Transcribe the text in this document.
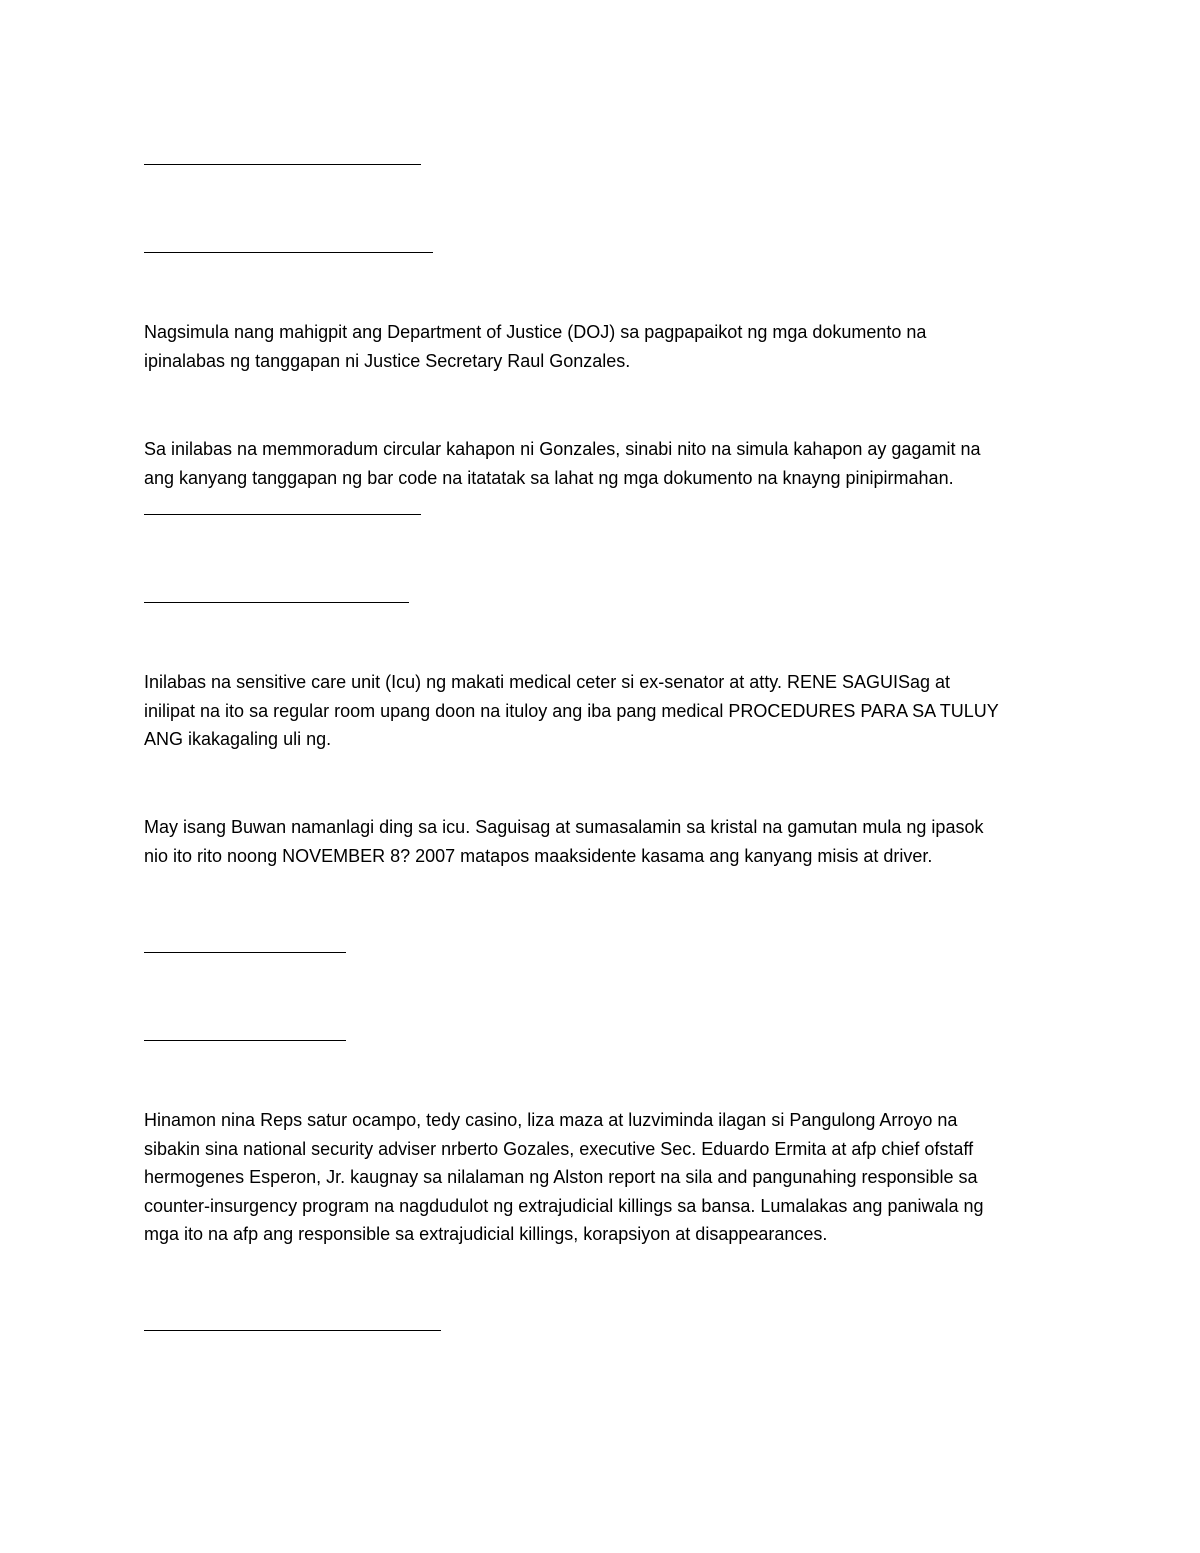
Nagsimula nang mahigpit ang Department of Justice (DOJ) sa pagpapaikot ng mga dokumento na
ipinalabas ng tanggapan ni Justice Secretary Raul Gonzales.
Sa inilabas na memmoradum circular kahapon ni Gonzales, sinabi nito na simula kahapon ay gagamit na
ang kanyang tanggapan ng bar code na itatatak sa lahat ng mga dokumento na knayng pinipirmahan.
Inilabas na sensitive care unit (Icu) ng makati medical ceter si ex-senator at atty. RENE SAGUISag at
inilipat na ito sa regular room upang doon na ituloy ang iba pang medical PROCEDURES PARA SA TULUY
ANG ikakagaling uli ng.
May isang Buwan namanlagi ding sa icu. Saguisag at sumasalamin sa kristal na gamutan mula ng ipasok
nio ito rito noong NOVEMBER 8? 2007 matapos maaksidente kasama ang kanyang misis at driver.
Hinamon nina Reps satur ocampo, tedy casino, liza maza at luzviminda ilagan si Pangulong Arroyo na
sibakin sina national security adviser nrberto Gozales, executive Sec. Eduardo Ermita at afp chief ofstaff
hermogenes Esperon, Jr. kaugnay sa nilalaman ng Alston report na sila and pangunahing responsible sa
counter-insurgency program na nagdudulot ng extrajudicial killings sa bansa. Lumalakas ang paniwala ng
mga ito na afp ang responsible sa extrajudicial killings, korapsiyon at disappearances.
